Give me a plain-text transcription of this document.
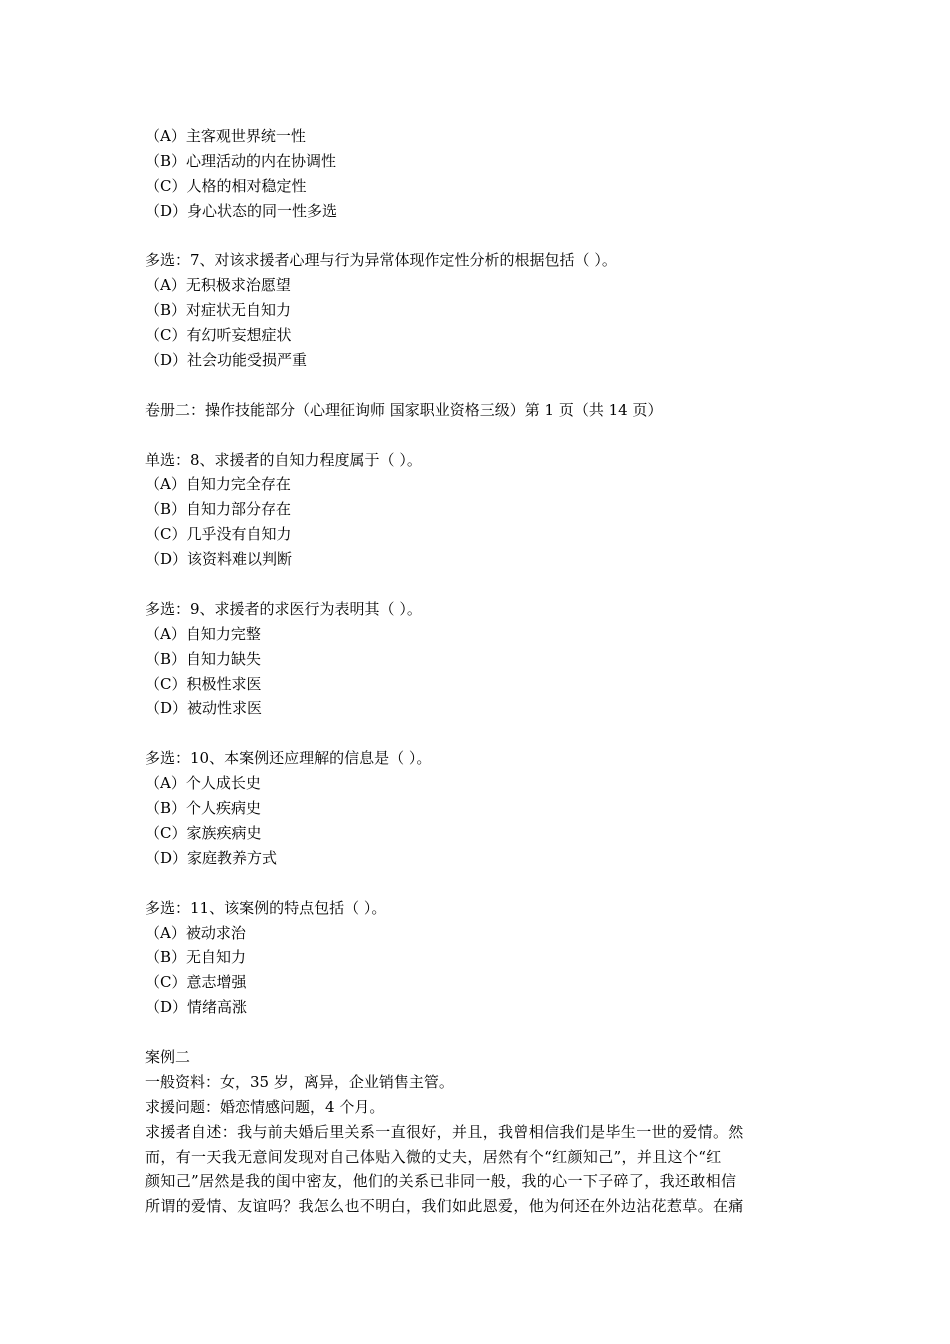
（A）主客观世界统一性
（B）心理活动的内在协调性
（C）人格的相对稳定性
（D）身心状态的同一性多选
多选：7、对该求援者心理与行为异常体现作定性分析的根据包括（ ）。
（A）无积极求治愿望
（B）对症状无自知力
（C）有幻听妄想症状
（D）社会功能受损严重
卷册二：操作技能部分（心理征询师 国家职业资格三级）第 1 页（共 14 页）
单选：8、求援者的自知力程度属于（ ）。
（A）自知力完全存在
（B）自知力部分存在
（C）几乎没有自知力
（D）该资料难以判断
多选：9、求援者的求医行为表明其（ ）。
（A）自知力完整
（B）自知力缺失
（C）积极性求医
（D）被动性求医
多选：10、本案例还应理解的信息是（ ）。
（A）个人成长史
（B）个人疾病史
（C）家族疾病史
（D）家庭教养方式
多选：11、该案例的特点包括（ ）。
（A）被动求治
（B）无自知力
（C）意志增强
（D）情绪高涨
案例二
一般资料：女，35 岁，离异，企业销售主管。
求援问题：婚恋情感问题，4 个月。
求援者自述：我与前夫婚后里关系一直很好，并且，我曾相信我们是毕生一世的爱情。然
而，有一天我无意间发现对自己体贴入微的丈夫，居然有个“红颜知己”，并且这个“红
颜知己”居然是我的闺中密友，他们的关系已非同一般，我的心一下子碎了，我还敢相信
所谓的爱情、友谊吗？我怎么也不明白，我们如此恩爱，他为何还在外边沾花惹草。在痛
